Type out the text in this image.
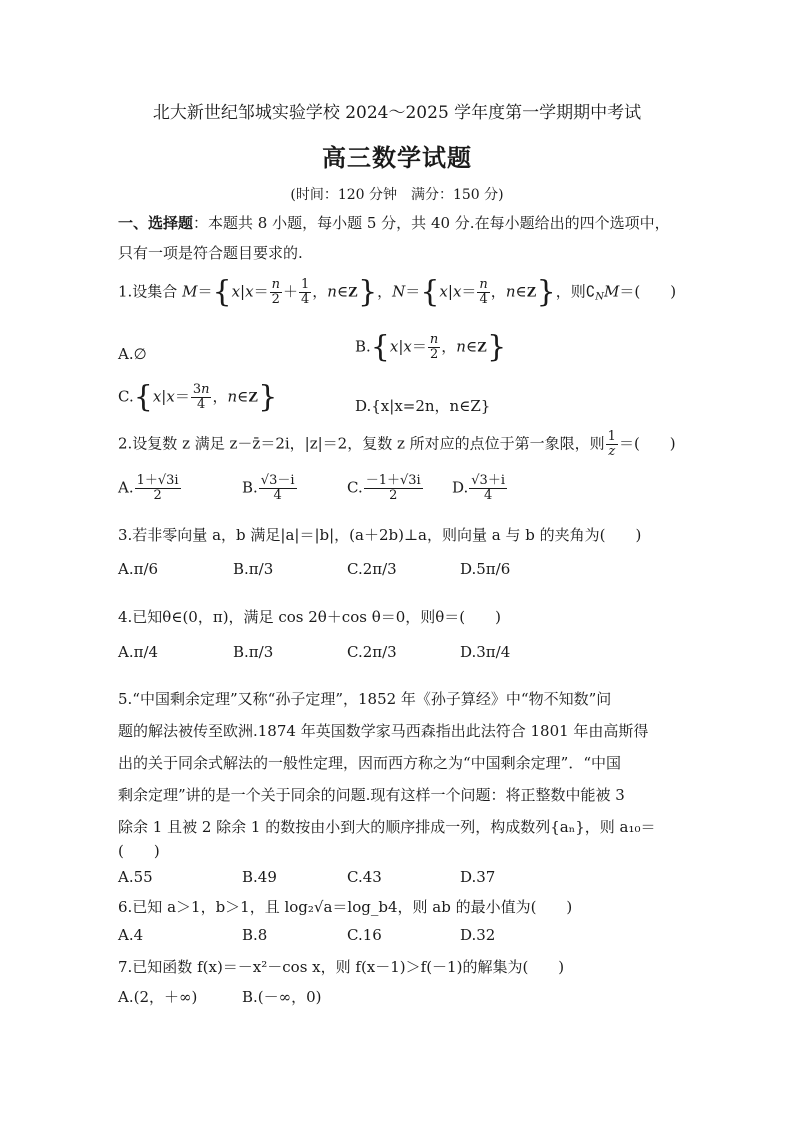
北大新世纪邹城实验学校 2024～2025 学年度第一学期期中考试
高三数学试题
(时间：120 分钟　满分：150 分)
一、选择题：本题共 8 小题，每小题 5 分，共 40 分.在每小题给出的四个选项中，
只有一项是符合题目要求的.
1.设集合 $M=\{x|x= \frac{n}{2} + \frac{1}{4}$ ，n∈Z}，$N=\{x|x= \frac{n}{4}$ ，n∈Z}，则$∁_NM=$(　　)
A.∅	$B.\{x|x= \frac{n}{2}$ ，n∈Z}
$C.\{x|x= \frac{3n}{4}$ ，n∈Z}	D.{x|x=2n，n∈Z}
2.设复数 z 满足 z－z̄＝2i，|z|＝2，复数 z 所对应的点位于第一象限，则 $\frac{1}{z}$ ＝(　　)
A. $\frac{1+√3i}{2}$	B. $\frac{√3-i}{4}$	C. $\frac{-1+√3i}{2} D$. $\frac{√3+i}{4}$
3.若非零向量 a，b 满足|a|＝|b|，(a＋2b)⊥a，则向量 a 与 b 的夹角为(　　)
A.π/6	B.π/3	C.2π/3	D.5π/6
4.已知θ∈(0，π)，满足 cos 2θ＋cos θ＝0，则θ＝(　　)
A.π/4	B.π/3	C.2π/3	D.3π/4
5.“中国剩余定理”又称“孙子定理”，1852 年《孙子算经》中“物不知数”问
题的解法被传至欧洲.1874 年英国数学家马西森指出此法符合 1801 年由高斯得
出的关于同余式解法的一般性定理，因而西方称之为“中国剩余定理”．“中国
剩余定理”讲的是一个关于同余的问题.现有这样一个问题：将正整数中能被 3
除余 1 且被 2 除余 1 的数按由小到大的顺序排成一列，构成数列{aₙ}，则 a₁₀＝
(　　)
A.55	B.49	C.43	D.37
6.已知 a＞1，b＞1，且 log₂√a＝log_b4，则 ab 的最小值为(　　)
A.4	B.8	C.16	D.32
7.已知函数 f(x)＝－x²－cos x，则 f(x－1)＞f(－1)的解集为(　　)
A.(2，＋∞)	B.(－∞，0)
